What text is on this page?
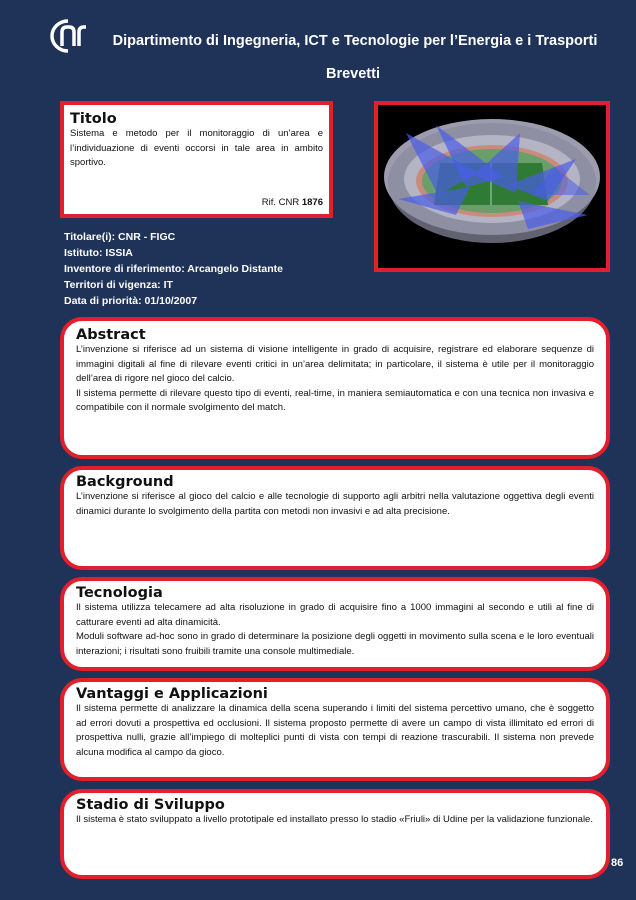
Dipartimento di Ingegneria, ICT e Tecnologie per l’Energia e i Trasporti
Brevetti
Titolo

Sistema e metodo per il monitoraggio di un’area e l’individuazione di eventi occorsi in tale area in ambito sportivo.

Rif. CNR 1876
Titolare(i): CNR - FIGC
Istituto: ISSIA
Inventore di riferimento: Arcangelo Distante
Territori di vigenza: IT
Data di priorità: 01/10/2007
Abstract

L’invenzione si riferisce ad un sistema di visione intelligente in grado di acquisire, registrare ed elaborare sequenze di immagini digitali al fine di rilevare eventi critici in un’area delimitata; in particolare, il sistema è utile per il monitoraggio dell’area di rigore nel gioco del calcio.

Il sistema permette di rilevare questo tipo di eventi, real-time, in maniera semiautomatica e con una tecnica non invasiva e compatibile con il normale svolgimento del match.

Background

L’invenzione si riferisce al gioco del calcio e alle tecnologie di supporto agli arbitri nella valutazione oggettiva degli eventi dinamici durante lo svolgimento della partita con metodi non invasivi e ad alta precisione.

Tecnologia

Il sistema utilizza telecamere ad alta risoluzione in grado di acquisire fino a 1000 immagini al secondo e utili al fine di catturare eventi ad alta dinamicità.

Moduli software ad-hoc sono in grado di determinare la posizione degli oggetti in movimento sulla scena e le loro eventuali interazioni; i risultati sono fruibili tramite una console multimediale.

Vantaggi e Applicazioni

Il sistema permette di analizzare la dinamica della scena superando i limiti del sistema percettivo umano, che è soggetto ad errori dovuti a prospettiva ed occlusioni. Il sistema proposto permette di avere un campo di vista illimitato ed errori di prospettiva nulli, grazie all’impiego di molteplici punti di vista con tempi di reazione trascurabili. Il sistema non prevede alcuna modifica al campo da gioco.

Stadio di Sviluppo

Il sistema è stato sviluppato a livello prototipale ed installato presso lo stadio «Friuli» di Udine per la validazione funzionale.

86
